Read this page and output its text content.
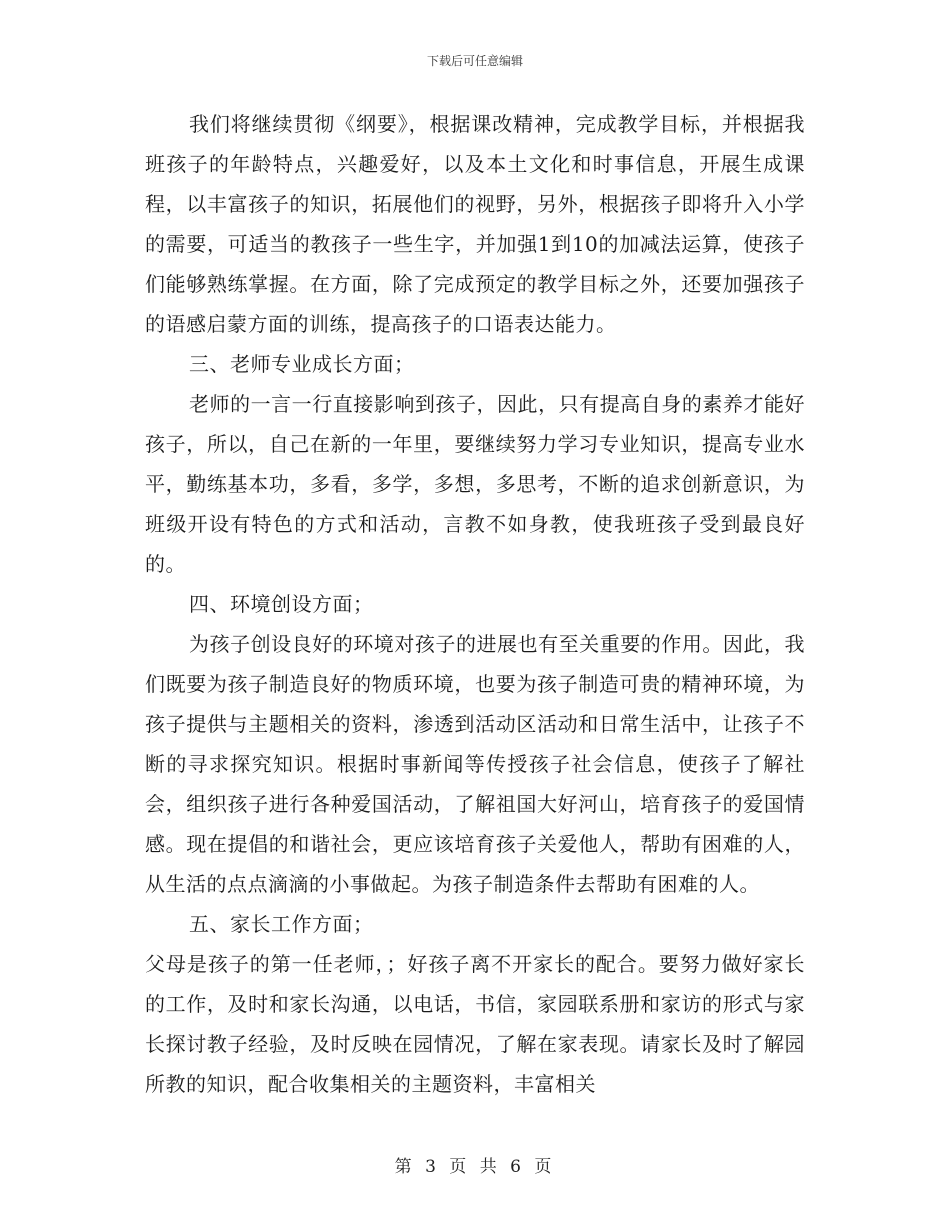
下载后可任意编辑

我们将继续贯彻《纲要》，根据课改精神，完成教学目标，并根据我班孩子的年龄特点，兴趣爱好，以及本土文化和时事信息，开展生成课程，以丰富孩子的知识，拓展他们的视野，另外，根据孩子即将升入小学的需要，可适当的教孩子一些生字，并加强1到10的加减法运算，使孩子们能够熟练掌握。在方面，除了完成预定的教学目标之外，还要加强孩子的语感启蒙方面的训练，提高孩子的口语表达能力。

三、老师专业成长方面；

老师的一言一行直接影响到孩子，因此，只有提高自身的素养才能好孩子，所以，自己在新的一年里，要继续努力学习专业知识，提高专业水平，勤练基本功，多看，多学，多想，多思考，不断的追求创新意识，为班级开设有特色的方式和活动，言教不如身教，使我班孩子受到最良好的。

四、环境创设方面；

为孩子创设良好的环境对孩子的进展也有至关重要的作用。因此，我们既要为孩子制造良好的物质环境，也要为孩子制造可贵的精神环境，为孩子提供与主题相关的资料，渗透到活动区活动和日常生活中，让孩子不断的寻求探究知识。根据时事新闻等传授孩子社会信息，使孩子了解社会，组织孩子进行各种爱国活动，了解祖国大好河山，培育孩子的爱国情感。现在提倡的和谐社会，更应该培育孩子关爱他人，帮助有困难的人，从生活的点点滴滴的小事做起。为孩子制造条件去帮助有困难的人。

五、家长工作方面；

父母是孩子的第一任老师，；好孩子离不开家长的配合。要努力做好家长的工作，及时和家长沟通，以电话，书信，家园联系册和家访的形式与家长探讨教子经验，及时反映在园情况，了解在家表现。请家长及时了解园所教的知识，配合收集相关的主题资料，丰富相关

第 3 页 共 6 页
